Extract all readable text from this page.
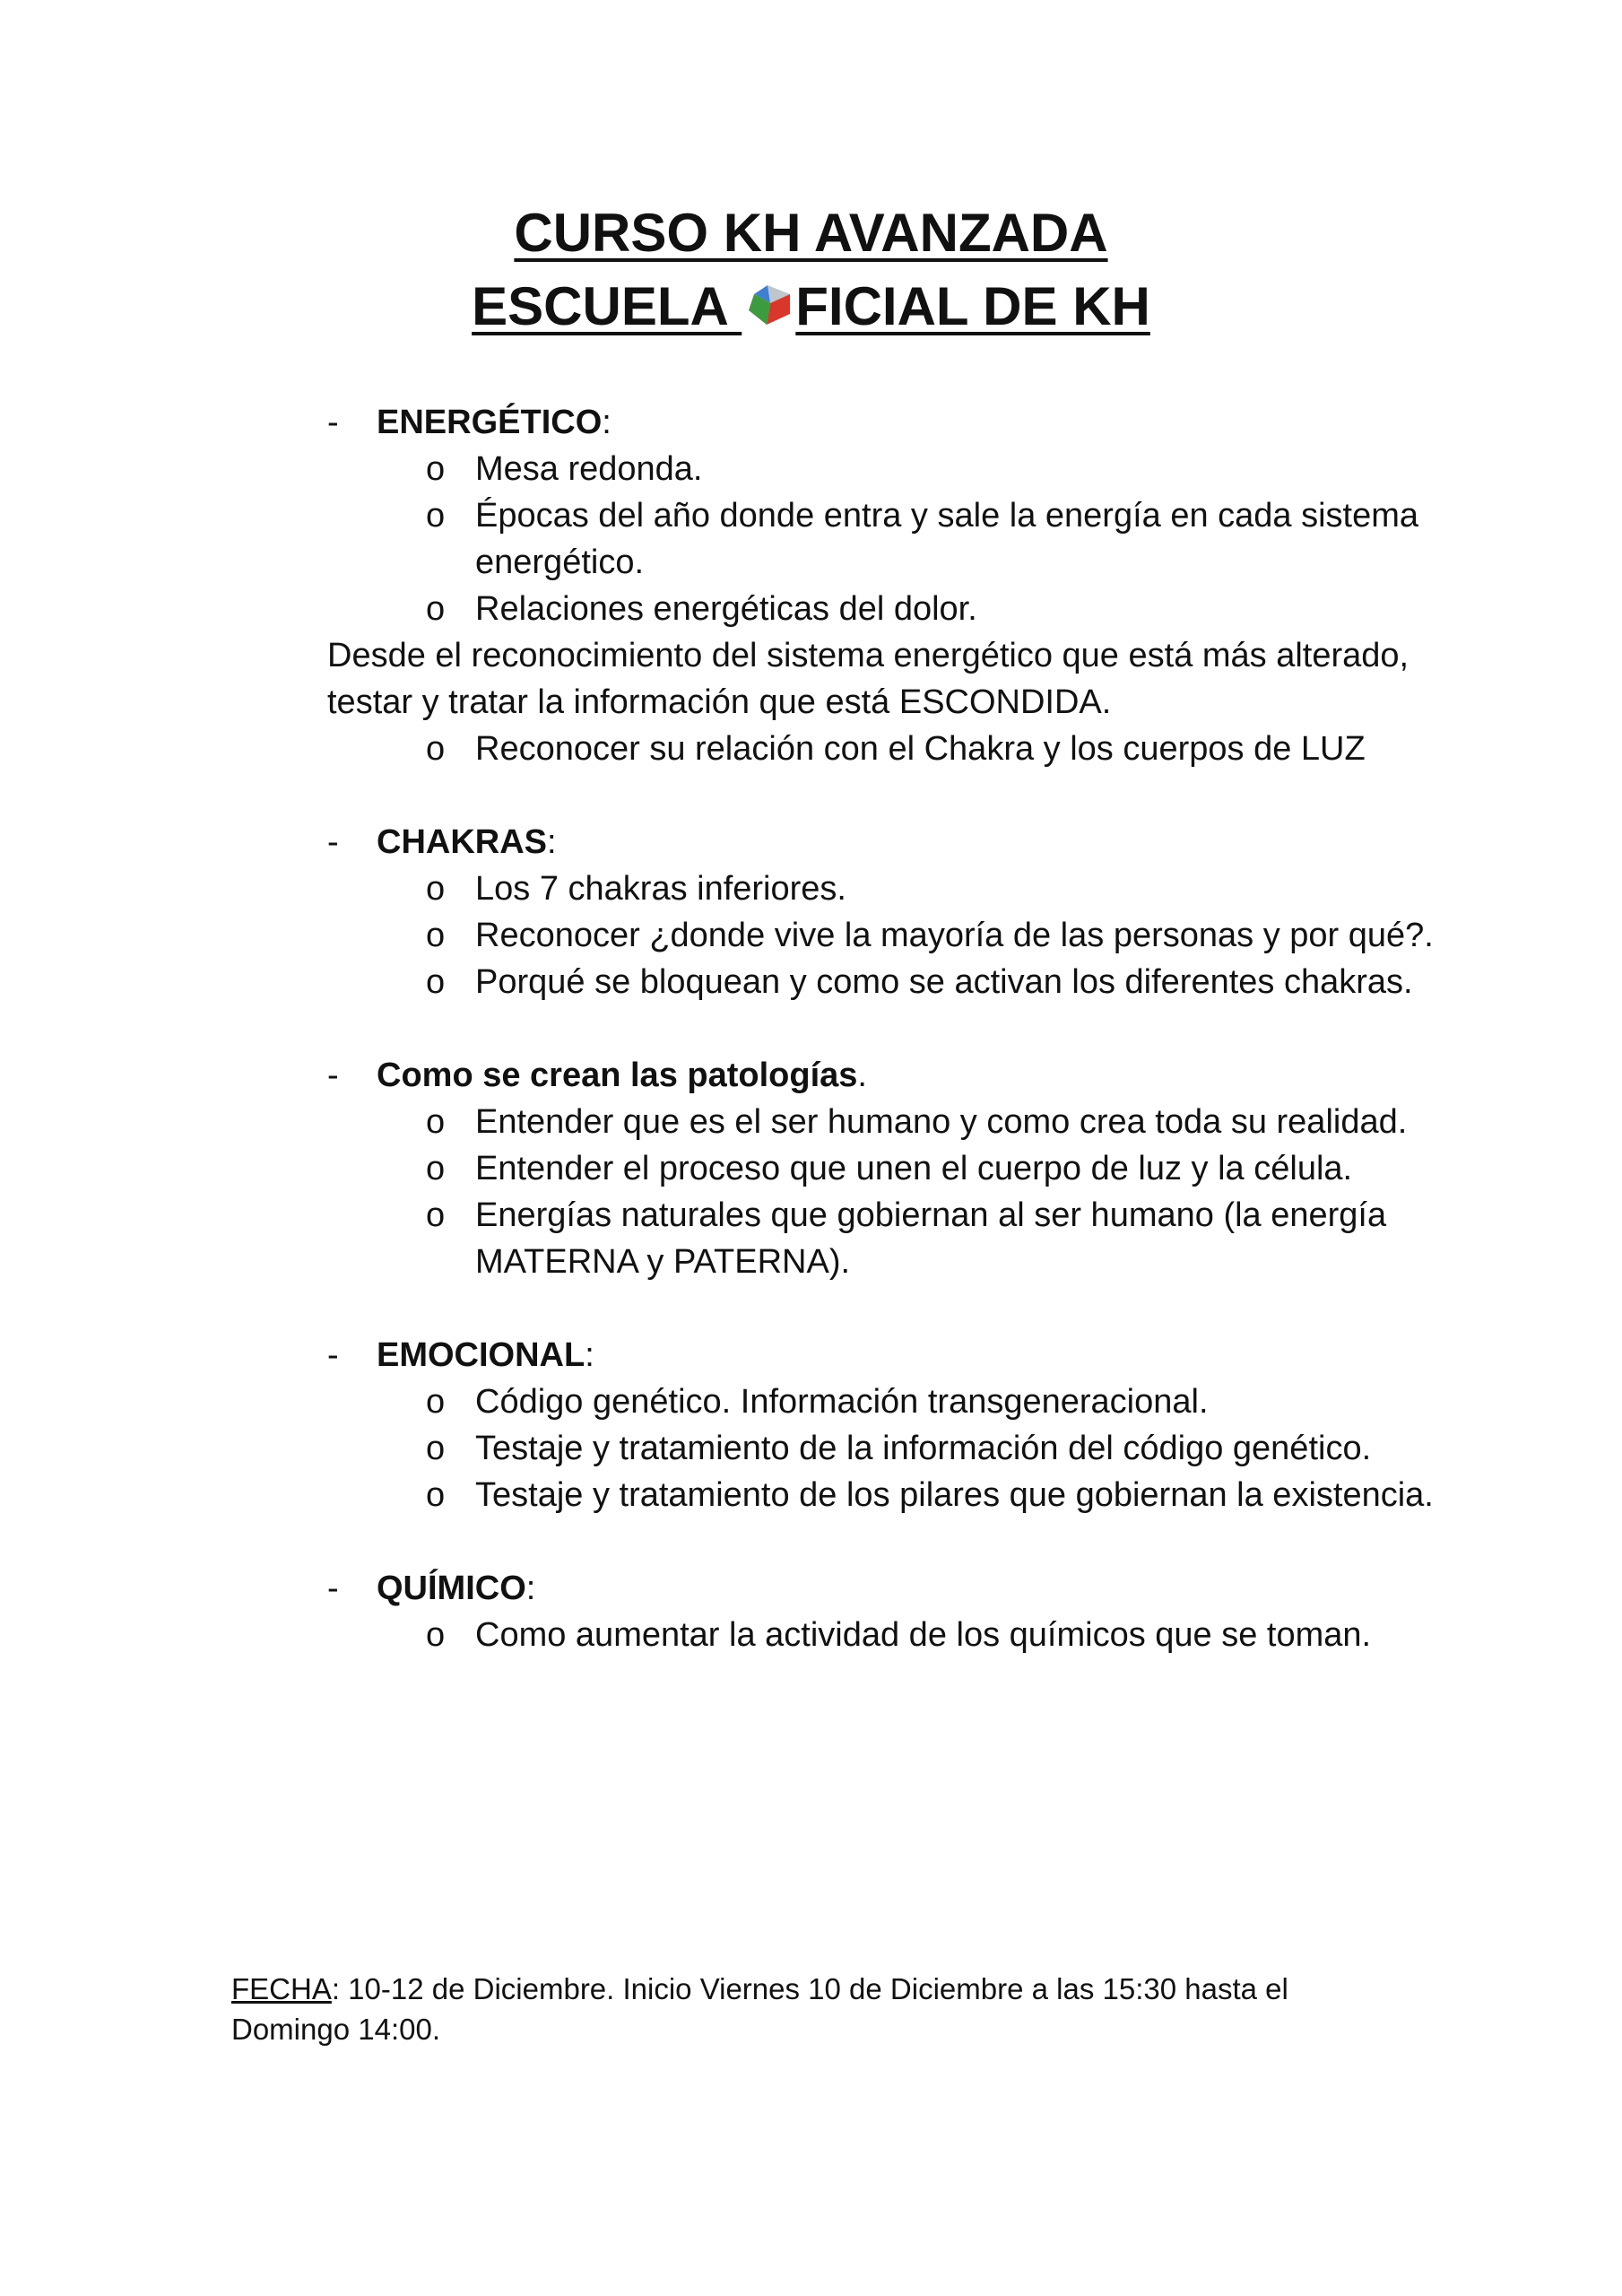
CURSO KH AVANZADA
ESCUELA FICIAL DE KH
- ENERGÉTICO:
o Mesa redonda.
o Épocas del año donde entra y sale la energía en cada sistema energético.
o Relaciones energéticas del dolor.

Desde el reconocimiento del sistema energético que está más alterado, testar y tratar la información que está ESCONDIDA.

o Reconocer su relación con el Chakra y los cuerpos de LUZ
- CHAKRAS:
o Los 7 chakras inferiores.
o Reconocer ¿donde vive la mayoría de las personas y por qué?.
o Porqué se bloquean y como se activan los diferentes chakras.
- Como se crean las patologías.
o Entender que es el ser humano y como crea toda su realidad.
o Entender el proceso que unen el cuerpo de luz y la célula.
o Energías naturales que gobiernan al ser humano (la energía MATERNA y PATERNA).
- EMOCIONAL:
o Código genético. Información transgeneracional.
o Testaje y tratamiento de la información del código genético.
o Testaje y tratamiento de los pilares que gobiernan la existencia.
- QUÍMICO:
o Como aumentar la actividad de los químicos que se toman.
FECHA: 10-12 de Diciembre. Inicio Viernes 10 de Diciembre a las 15:30 hasta el Domingo 14:00.
